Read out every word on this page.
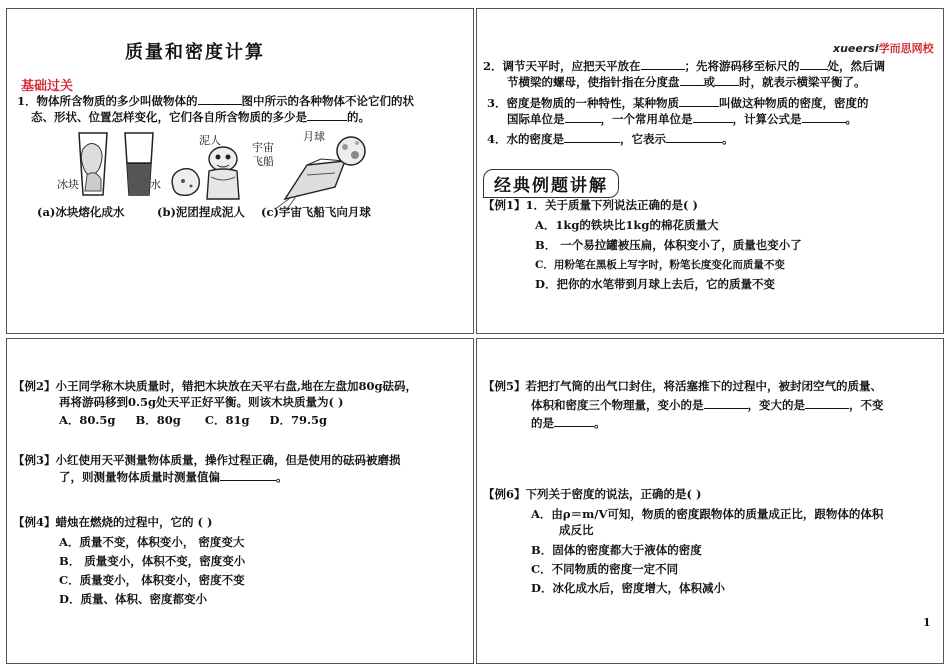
质量和密度计算
基础过关
1．物体所含物质的多少叫做物体的	图中所示的各种物体不论它们的状
态、形状、位置怎样变化，它们各自所含物质的多少是	的。
冰块	水
泥人
宇宙
飞船
月球
(a)冰块熔化成水	(b)泥团捏成泥人 (c)宇宙飞船飞向月球
xueersi学而思网校
2．调节天平时，应把天平放在	；先将游码移至标尺的 处，然后调
节横梁的螺母，使指针指在分度盘 或 时，就表示横梁平衡了。
3．密度是物质的一种特性，某种物质	叫做这种物质的密度，密度的
国际单位是	，一个常用单位是	，计算公式是	。
4．水的密度是	，它表示	。
经典例题讲解
【例1】1．关于质量下列说法正确的是( )
A．1kg的铁块比1kg的棉花质量大
B． 一个易拉罐被压扁，体积变小了，质量也变小了
C．用粉笔在黑板上写字时，粉笔长度变化而质量不变
D．把你的水笔带到月球上去后，它的质量不变
【例2】小王同学称木块质量时，错把木块放在天平右盘,地在左盘加80g砝码，
再将游码移到0.5g处天平正好平衡。则该木块质量为( )
A．80.5g B．80g C．81g D．79.5g
【例3】小红使用天平测量物体质量，操作过程正确，但是使用的砝码被磨损
了，则测量物体质量时测量值偏	。
【例4】蜡烛在燃烧的过程中，它的 ( )
A．质量不变，体积变小， 密度变大
B． 质量变小，体积不变，密度变小
C．质量变小， 体积变小，密度不变
D．质量、体积、密度都变小
【例5】若把打气筒的出气口封住，将活塞推下的过程中，被封闭空气的质量、
体积和密度三个物理量，变小的是	，变大的是	，不变
的是	。
【例6】下列关于密度的说法，正确的是( )
A．由ρ＝m/V可知，物质的密度跟物体的质量成正比，跟物体的体积
成反比
B．固体的密度都大于液体的密度
C．不同物质的密度一定不同
D．冰化成水后，密度增大，体积减小
1
